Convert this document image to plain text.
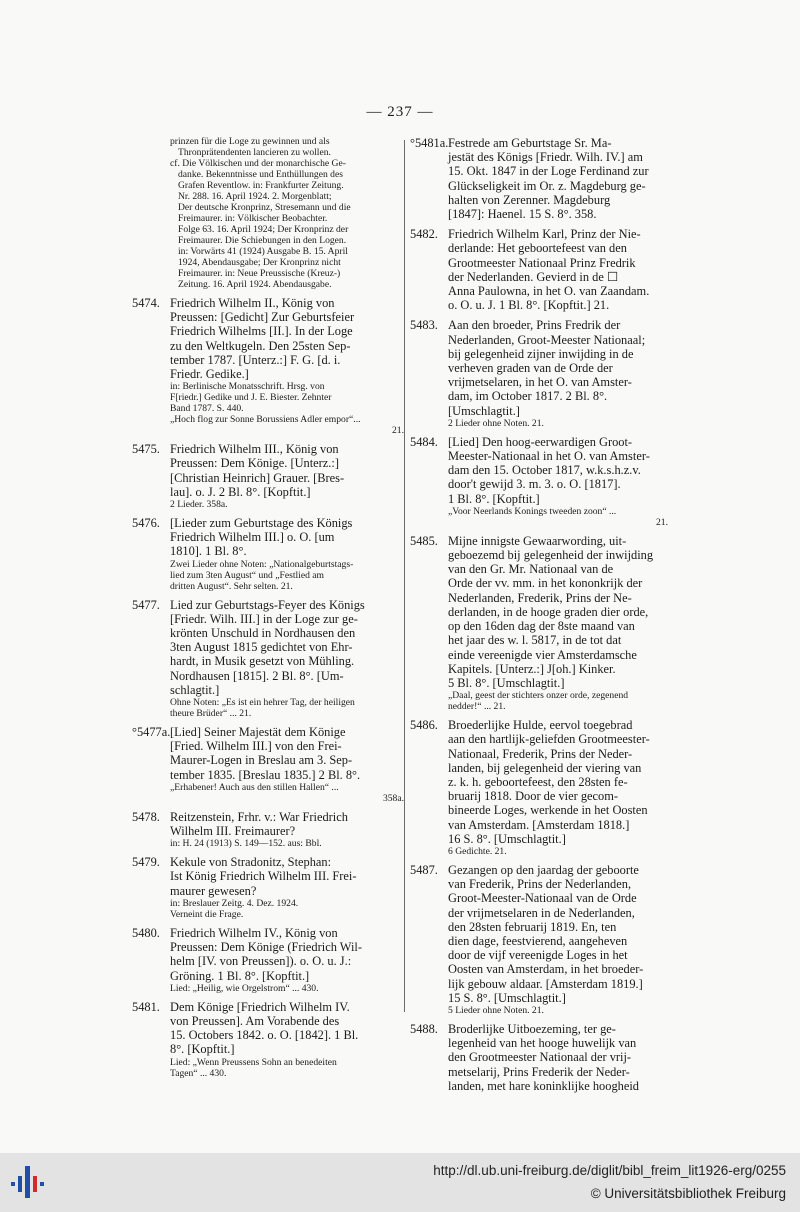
— 237 —
prinzen für die Loge zu gewinnen und als
Thronprätendenten lancieren zu wollen.
cf. Die Völkischen und der monarchische Ge-
danke. Bekenntnisse und Enthüllungen des
Grafen Reventlow. in: Frankfurter Zeitung.
Nr. 288. 16. April 1924. 2. Morgenblatt;
Der deutsche Kronprinz, Stresemann und die
Freimaurer. in: Völkischer Beobachter.
Folge 63. 16. April 1924; Der Kronprinz der
Freimaurer. Die Schiebungen in den Logen.
in: Vorwärts 41 (1924) Ausgabe B. 15. April
1924, Abendausgabe; Der Kronprinz nicht
Freimaurer. in: Neue Preussische (Kreuz-)
Zeitung. 16. April 1924. Abendausgabe.
5474. Friedrich Wilhelm II., König von
Preussen: [Gedicht] Zur Geburtsfeier
Friedrich Wilhelms [II.]. In der Loge
zu den Weltkugeln. Den 25sten Sep-
tember 1787. [Unterz.:] F. G. [d. i.
Friedr. Gedike.]
in: Berlinische Monatsschrift. Hrsg. von
F[riedr.] Gedike und J. E. Biester. Zehnter
Band 1787. S. 440.
„Hoch flog zur Sonne Borussiens Adler empor“...
21.
5475. Friedrich Wilhelm III., König von
Preussen: Dem Könige. [Unterz.:]
[Christian Heinrich] Grauer. [Bres-
lau]. o. J. 2 Bl. 8°. [Kopftit.]
2 Lieder. 358a.
5476. [Lieder zum Geburtstage des Königs
Friedrich Wilhelm III.] o. O. [um
1810]. 1 Bl. 8°.
Zwei Lieder ohne Noten: „Nationalgeburtstags-
lied zum 3ten August“ und „Festlied am
dritten August“. Sehr selten. 21.
5477. Lied zur Geburtstags-Feyer des Königs
[Friedr. Wilh. III.] in der Loge zur ge-
krönten Unschuld in Nordhausen den
3ten August 1815 gedichtet von Ehr-
hardt, in Musik gesetzt von Mühling.
Nordhausen [1815]. 2 Bl. 8°. [Um-
schlagtit.]
Ohne Noten: „Es ist ein hehrer Tag, der heiligen
theure Brüder“ ... 21.
°5477a. [Lied] Seiner Majestät dem Könige
[Fried. Wilhelm III.] von den Frei-
Maurer-Logen in Breslau am 3. Sep-
tember 1835. [Breslau 1835.] 2 Bl. 8°.
„Erhabener! Auch aus den stillen Hallen“ ...
358a.
5478. Reitzenstein, Frhr. v.: War Friedrich
Wilhelm III. Freimaurer?
in: H. 24 (1913) S. 149—152. aus: Bbl.
5479. Kekule von Stradonitz, Stephan:
Ist König Friedrich Wilhelm III. Frei-
maurer gewesen?
in: Breslauer Zeitg. 4. Dez. 1924.
Verneint die Frage.
5480. Friedrich Wilhelm IV., König von
Preussen: Dem Könige (Friedrich Wil-
helm [IV. von Preussen]). o. O. u. J.:
Gröning. 1 Bl. 8°. [Kopftit.]
Lied: „Heilig, wie Orgelstrom“ ... 430.
5481. Dem Könige [Friedrich Wilhelm IV.
von Preussen]. Am Vorabende des
15. Octobers 1842. o. O. [1842]. 1 Bl.
8°. [Kopftit.]
Lied: „Wenn Preussens Sohn an benedeiten
Tagen“ ... 430.
°5481a. Festrede am Geburtstage Sr. Ma-
jestät des Königs [Friedr. Wilh. IV.] am
15. Okt. 1847 in der Loge Ferdinand zur
Glückseligkeit im Or. z. Magdeburg ge-
halten von Zerenner. Magdeburg
[1847]: Haenel. 15 S. 8°. 358.
5482. Friedrich Wilhelm Karl, Prinz der Nie-
derlande: Het geboortefeest van den
Grootmeester Nationaal Prinz Fredrik
der Nederlanden. Gevierd in de ☐
Anna Paulowna, in het O. van Zaandam.
o. O. u. J. 1 Bl. 8°. [Kopftit.] 21.
5483. Aan den broeder, Prins Fredrik der
Nederlanden, Groot-Meester Nationaal;
bij gelegenheid zijner inwijding in de
verheven graden van de Orde der
vrijmetselaren, in het O. van Amster-
dam, im October 1817. 2 Bl. 8°.
[Umschlagtit.]
2 Lieder ohne Noten. 21.
5484. [Lied] Den hoog-eerwardigen Groot-
Meester-Nationaal in het O. van Amster-
dam den 15. October 1817, w.k.s.h.z.v.
door't gewijd 3. m. 3. o. O. [1817].
1 Bl. 8°. [Kopftit.]
„Voor Neerlands Konings tweeden zoon“ ...
21.
5485. Mijne innigste Gewaarwording, uit-
geboezemd bij gelegenheid der inwijding
van den Gr. Mr. Nationaal van de
Orde der vv. mm. in het kononkrijk der
Nederlanden, Frederik, Prins der Ne-
derlanden, in de hooge graden dier orde,
op den 16den dag der 8ste maand van
het jaar des w. l. 5817, in de tot dat
einde vereenigde vier Amsterdamsche
Kapitels. [Unterz.:] J[oh.] Kinker.
5 Bl. 8°. [Umschlagtit.]
„Daal, geest der stichters onzer orde, zegenend
nedder!“ ... 21.
5486. Broederlijke Hulde, eervol toegebrad
aan den hartlijk-geliefden Grootmeester-
Nationaal, Frederik, Prins der Neder-
landen, bij gelegenheid der viering van
z. k. h. geboortefeest, den 28sten fe-
bruarij 1818. Door de vier gecom-
bineerde Loges, werkende in het Oosten
van Amsterdam. [Amsterdam 1818.]
16 S. 8°. [Umschlagtit.]
6 Gedichte. 21.
5487. Gezangen op den jaardag der geboorte
van Frederik, Prins der Nederlanden,
Groot-Meester-Nationaal van de Orde
der vrijmetselaren in de Nederlanden,
den 28sten februarij 1819. En, ten
dien dage, feestvierend, aangeheven
door de vijf vereenigde Loges in het
Oosten van Amsterdam, in het broeder-
lijk gebouw aldaar. [Amsterdam 1819.]
15 S. 8°. [Umschlagtit.]
5 Lieder ohne Noten. 21.
5488. Broderlijke Uitboezeming, ter ge-
legenheid van het hooge huwelijk van
den Grootmeester Nationaal der vrij-
metselarij, Prins Frederik der Neder-
landen, met hare koninklijke hoogheid
http://dl.ub.uni-freiburg.de/diglit/bibl_freim_lit1926-erg/0255
© Universitätsbibliothek Freiburg
